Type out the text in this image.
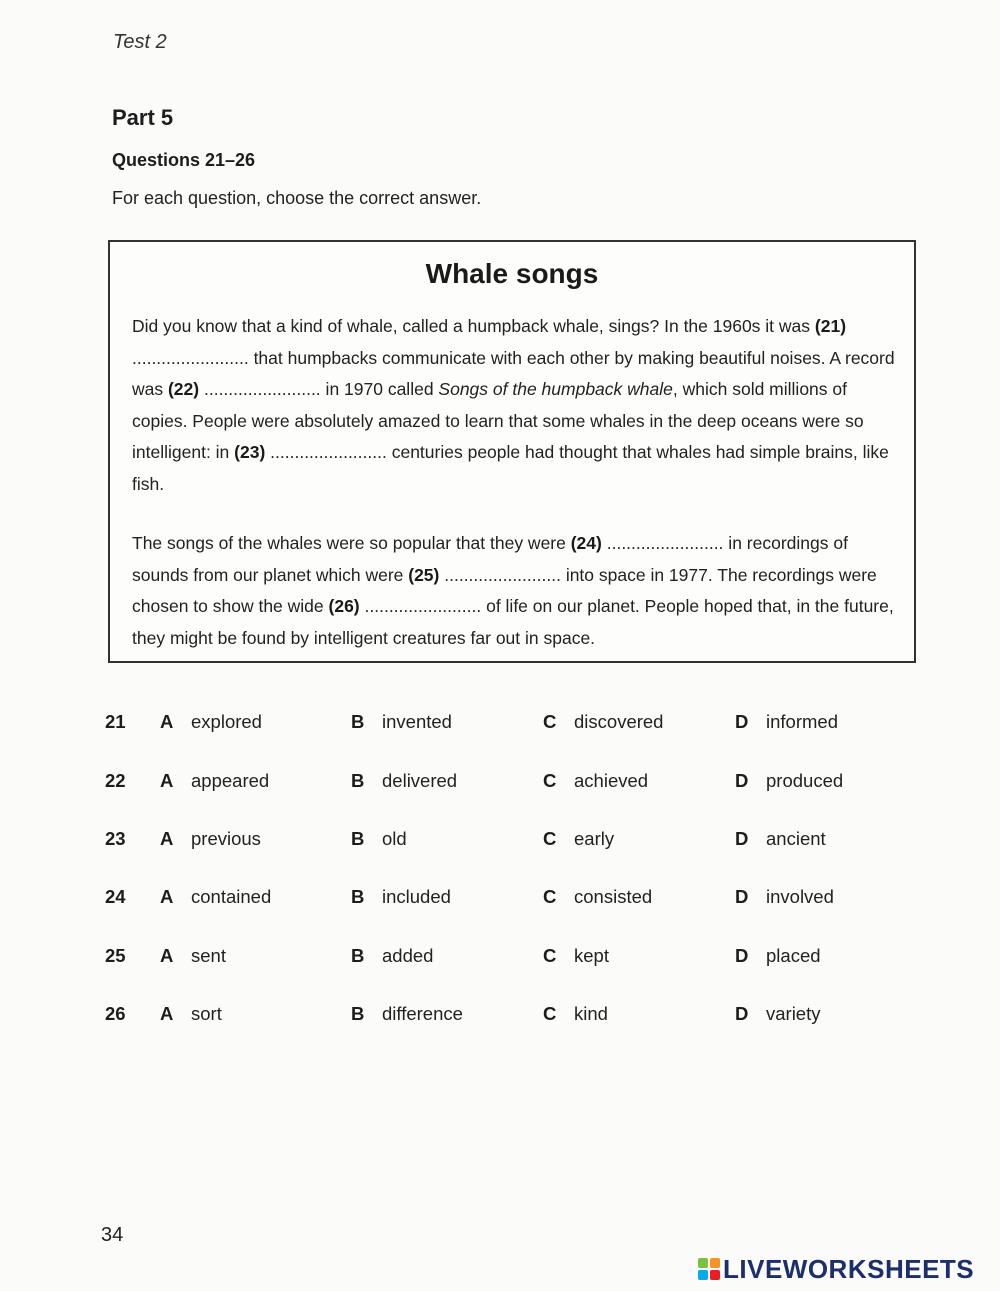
Test 2
Part 5
Questions 21–26
For each question, choose the correct answer.
Whale songs
Did you know that a kind of whale, called a humpback whale, sings? In the 1960s it was (21) ........................ that humpbacks communicate with each other by making beautiful noises. A record was (22) ........................ in 1970 called Songs of the humpback whale, which sold millions of copies. People were absolutely amazed to learn that some whales in the deep oceans were so intelligent: in (23) ........................ centuries people had thought that whales had simple brains, like fish.
The songs of the whales were so popular that they were (24) ........................ in recordings of sounds from our planet which were (25) ........................ into space in 1977. The recordings were chosen to show the wide (26) ........................ of life on our planet. People hoped that, in the future, they might be found by intelligent creatures far out in space.
21 A explored	B invented	C discovered	D informed
22 A appeared	B delivered	C achieved	D produced
23 A previous	B old	C early	D ancient
24 A contained	B included	C consisted	D involved
25 A sent	B added	C kept	D placed
26 A sort	B difference	C kind	D variety
34
LIVEWORKSHEETS
